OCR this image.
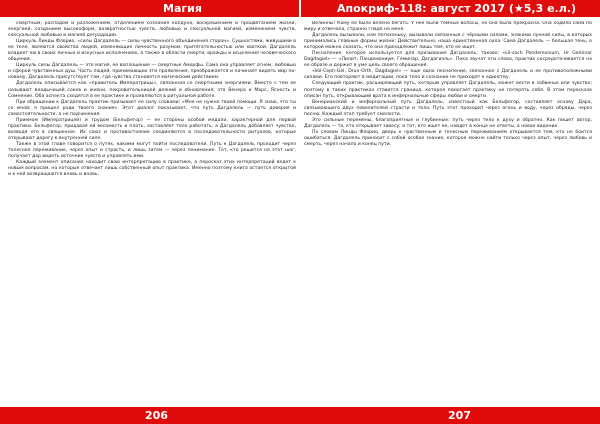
Магия	Апокриф-118: август 2017 (★5,3 е.л.)

смертным, распадом и разложением, отделением сознания колдуна, воскрешением и процветанием жизни, энергией, созданием высокоформ, возвратностью чувств, любовью и сексуальной магией, изменением чувств, сексуальной любовью и магией деградации.

Циркуль Линды Флорио, «силы Дагдалель — силы чувственного объединения сторон». Сущностями, живущими в ее теле, являются свойства людей, изменяющие личность разумом, притягательностью или хваткой. Дагдалель владеет ею в своих личных и искусных исполнениях, а также в области смерти, вражды и исцеления человеческого общения.

Циркуль силы Дагдалель — это магия, ее воплощение — смертные Аморфы. Сама она управляет огнем, любовью и сферой чувственных душ. Часть людей, принимающих эти проявления, преображается и начинает видеть мир по-новому, Дагдалель присутствует там, где чувства становятся магическим действием.

Дагдалель описывается как «правитель Императрицы», связанная со смертными энергиями. Вместе с тем ее называют владычицей соков и жизни, покровительницей деяний и обновления; это Венера и Марс, Ясность и Сомнение. Оба аспекта сходятся в ее практике и проявляются в ритуальной работе.

При обращении к Дагдалель практик призывает ее силу словами: «Мне не нужно твоей помощи. Я знаю, что ты со мной; я пришел ради твоего знания». Этот диалог показывает, что путь Дагдалель — путь доверия и самостоятельности, а не подчинения.

Приемом (Императрицей) и трудом (Бельфегор) — ее стороны особой медали, характерной для первой практики. Бельфегор, придавая ей весомость и плоть, заставляет тело работать, а Дагдалель добавляет чувство, возводя его в священное. Их союз и противостояние соединяются в последовательности ритуалов, которые открывают дорогу к внутренней силе.

Также в этой главе говорится о путях, какими могут пойти последователи. Путь к Дагдалель проходит через телесное переживание, через опыт и страсть, и лишь затем — через понимание. Тот, кто решится на этот шаг, получает дар видеть источник чувств и управлять ими.

Каждый элемент описания находит свою интерпретацию в практике, а пересказ этих интерпретаций ведет к новым вопросам, на которые отвечает лишь собственный опыт практика. Именно поэтому книга остается открытой и к ней возвращаются вновь и вновь.

Велинны! Кому её было велено бегать. У неё были тёмные волосы, но она была прекрасна. Она ходила сама по миру и отвечала, странно гладя на меня.

Дагдалель вызывали, или потихоньку, вызывали связанные с чёрными силами, знаками лунной силы, в которых принимались главные формы жизни: Действительно, наша единственная сила. Сама Дагдалель — большая тень, о которой можно сказать, что она принадлежит лишь тем, кто ее ищет.

Песнопение, которое используется для призывания Дагдалель, таково: «Lil-sach Pondemonium, Ur Geminar Dagdagiel» — «Лилит, Пандемониум, Геминар, Дагдагиэль». Пока звучат эти слова, практик сосредотачивается на ее образе и держит в уме цель своего обращения.

«Vol-Ceph-Gel, Drun-Orth, Dagdagiel» — еще одно песнопение, связанное с Дагдалель и ее противоположными силами. Его повторяют в медитации, пока тело и сознание не приходят к единству.

Следующий практик, расширяющий путь, которым управляет Дагдалель, может вести в забвенье или чувство; поэтому в таких практиках ставится граница, которая помогает практику не потерять себя. В этом пересказе описан путь, открывающий врата в инфернальные сферы любви и смерти.

Венерианский и инфернальный путь Дагдалель, известный как Бельфегор, составляет основу Дара, связывающего двух повелителей страсти и тела. Путь этот проходит через огонь и воду, через обряды, через песню. Каждый этап требует смелости.

Это сильные перемены, благоприятные и глубинные: путь через тело к духу и обратно. Как пишет автор, Дагдалель — та, кто открывает завесу; и тот, кто ищет ее, найдет в конце не ответы, а новое видение.

По словам Линды Флорио, дверь к чувственным и телесным переживаниям открывается тем, кто не боится ошибаться. Дагдалель приносит с собой особое знание, которое можно найти только через опыт, через любовь и смерть, через начало и конец пути.

206	207
